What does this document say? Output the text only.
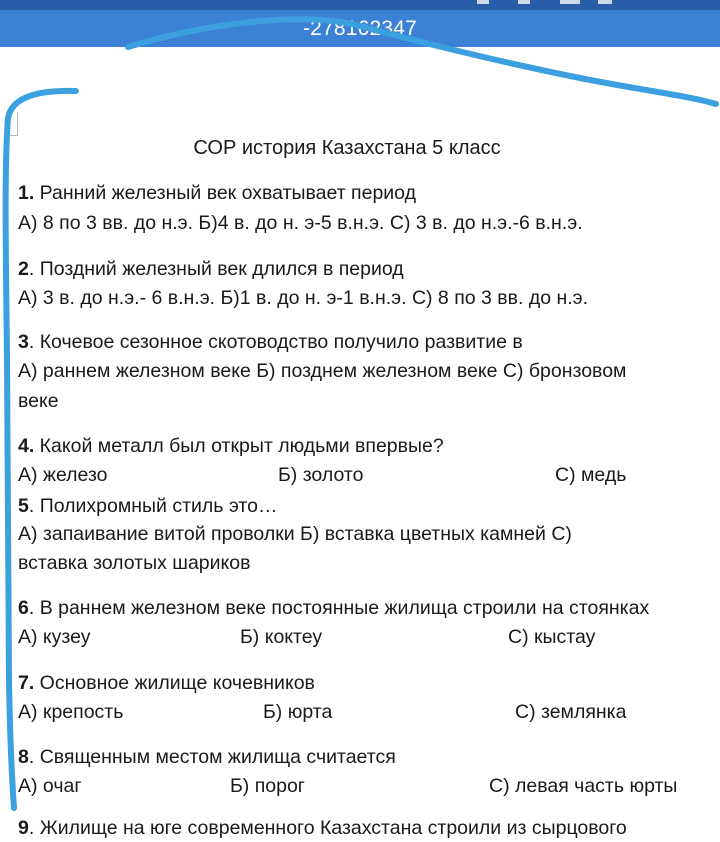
-278162347
СОР история Казахстана 5 класс
1. Ранний железный век охватывает период
А) 8 по 3 вв. до н.э. Б)4 в. до н. э-5 в.н.э. С) 3 в. до н.э.-6 в.н.э.
2. Поздний железный век длился в период
А) 3 в. до н.э.- 6 в.н.э. Б)1 в. до н. э-1 в.н.э. С) 8 по 3 вв. до н.э.
3. Кочевое сезонное скотоводство получило развитие в
А) раннем железном веке Б) позднем железном веке С) бронзовом
веке
4. Какой металл был открыт людьми впервые?
А) железо	Б) золото	С) медь
5. Полихромный стиль это…
А) запаивание витой проволки Б) вставка цветных камней С)
вставка золотых шариков
6. В раннем железном веке постоянные жилища строили на стоянках
А) кузеу	Б) коктеу	С) кыстау
7. Основное жилище кочевников
А) крепость	Б) юрта	С) землянка
8. Священным местом жилища считается
А) очаг	Б) порог	С) левая часть юрты
9. Жилище на юге современного Казахстана строили из сырцового
